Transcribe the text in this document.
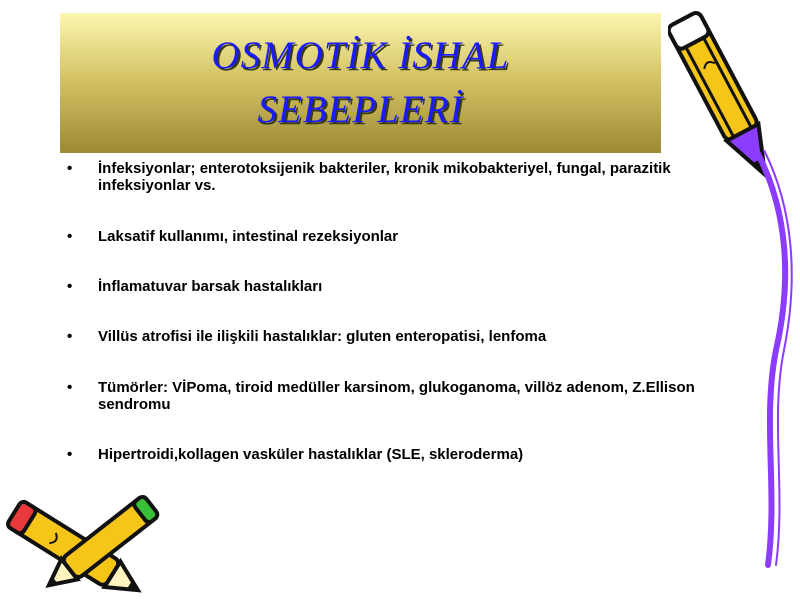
OSMOTİK İSHAL
SEBEPLERİ
• İnfeksiyonlar; enterotoksijenik bakteriler, kronik mikobakteriyel, fungal, parazitik infeksiyonlar vs.
• Laksatif kullanımı, intestinal rezeksiyonlar
• İnflamatuvar barsak hastalıkları
• Villüs atrofisi ile ilişkili hastalıklar: gluten enteropatisi, lenfoma
• Tümörler: VİPoma, tiroid medüller karsinom, glukoganoma, villöz adenom, Z.Ellison sendromu
• Hipertroidi,kollagen vasküler hastalıklar (SLE, skleroderma)
